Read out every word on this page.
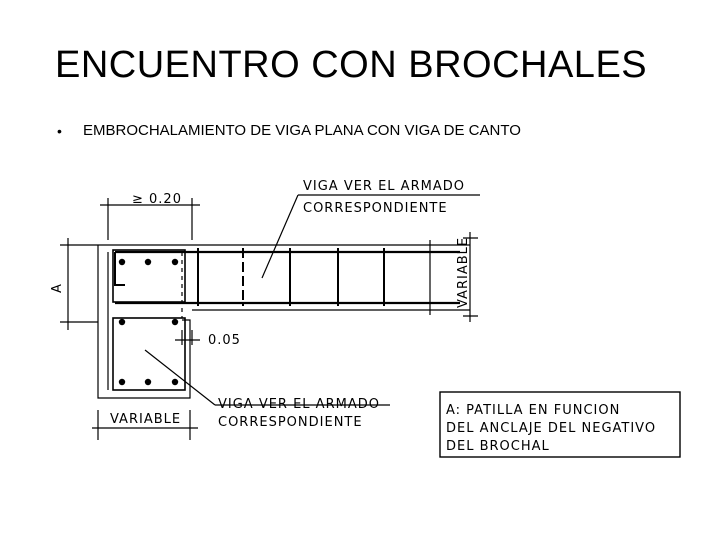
ENCUENTRO CON BROCHALES
•	EMBROCHALAMIENTO DE VIGA PLANA CON VIGA DE CANTO
≥ 0.20
VIGA VER EL ARMADO
CORRESPONDIENTE
VARIABLE
A
0.05
VIGA VER EL ARMADO
CORRESPONDIENTE
VARIABLE
A: PATILLA EN FUNCION
DEL ANCLAJE DEL NEGATIVO
DEL BROCHAL
